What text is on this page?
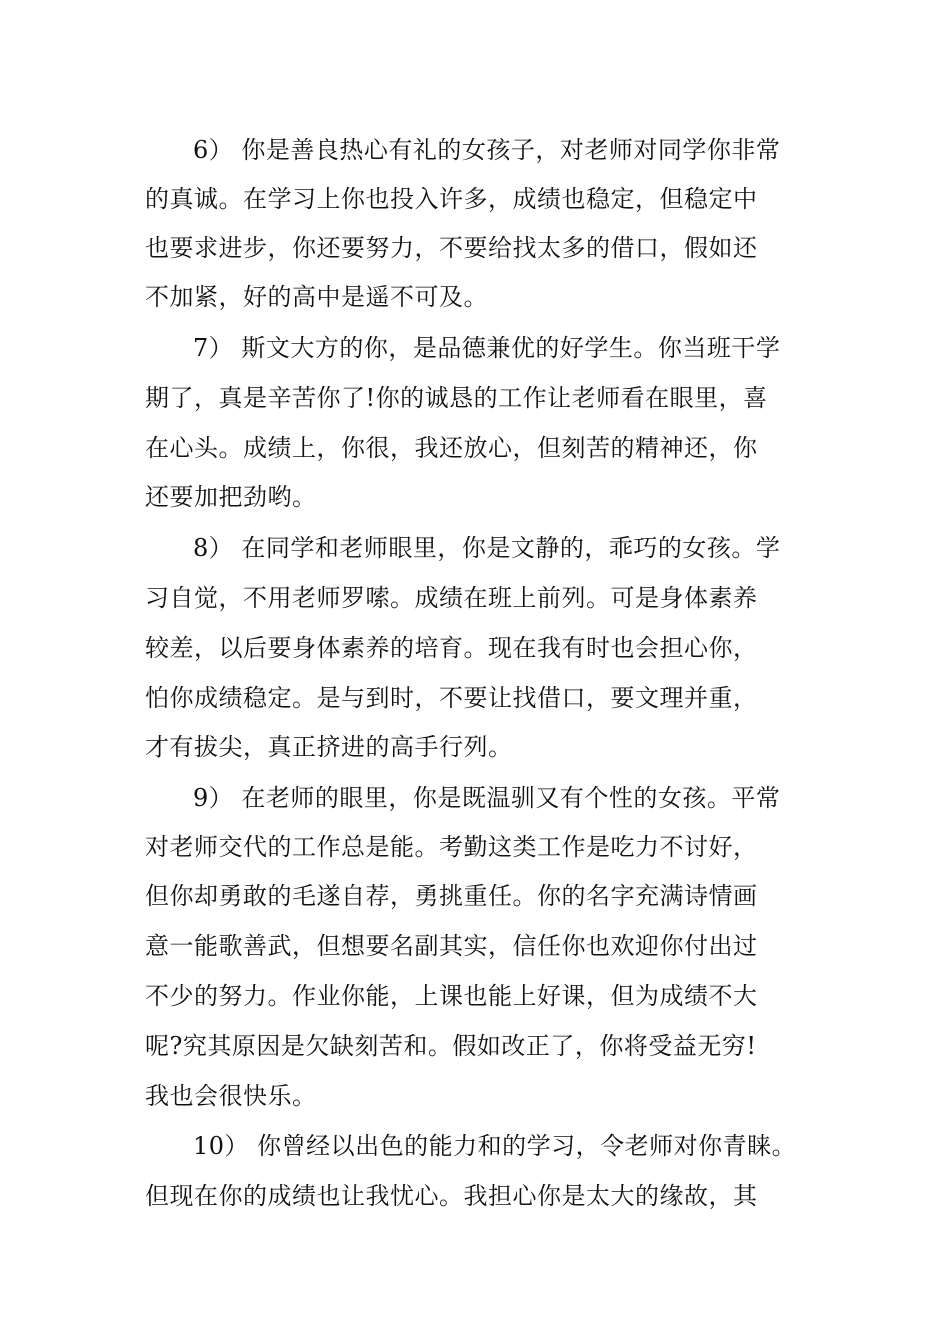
6） 你是善良热心有礼的女孩子，对老师对同学你非常
的真诚。在学习上你也投入许多，成绩也稳定，但稳定中
也要求进步，你还要努力，不要给找太多的借口，假如还
不加紧，好的高中是遥不可及。
7） 斯文大方的你，是品德兼优的好学生。你当班干学
期了，真是辛苦你了!你的诚恳的工作让老师看在眼里，喜
在心头。成绩上，你很，我还放心，但刻苦的精神还，你
还要加把劲哟。
8） 在同学和老师眼里，你是文静的，乖巧的女孩。学
习自觉，不用老师罗嗦。成绩在班上前列。可是身体素养
较差，以后要身体素养的培育。现在我有时也会担心你，
怕你成绩稳定。是与到时，不要让找借口，要文理并重，
才有拔尖，真正挤进的高手行列。
9） 在老师的眼里，你是既温驯又有个性的女孩。平常
对老师交代的工作总是能。考勤这类工作是吃力不讨好，
但你却勇敢的毛遂自荐，勇挑重任。你的名字充满诗情画
意一能歌善武，但想要名副其实，信任你也欢迎你付出过
不少的努力。作业你能，上课也能上好课，但为成绩不大
呢?究其原因是欠缺刻苦和。假如改正了，你将受益无穷!
我也会很快乐。
10） 你曾经以出色的能力和的学习，令老师对你青睐。
但现在你的成绩也让我忧心。我担心你是太大的缘故，其
